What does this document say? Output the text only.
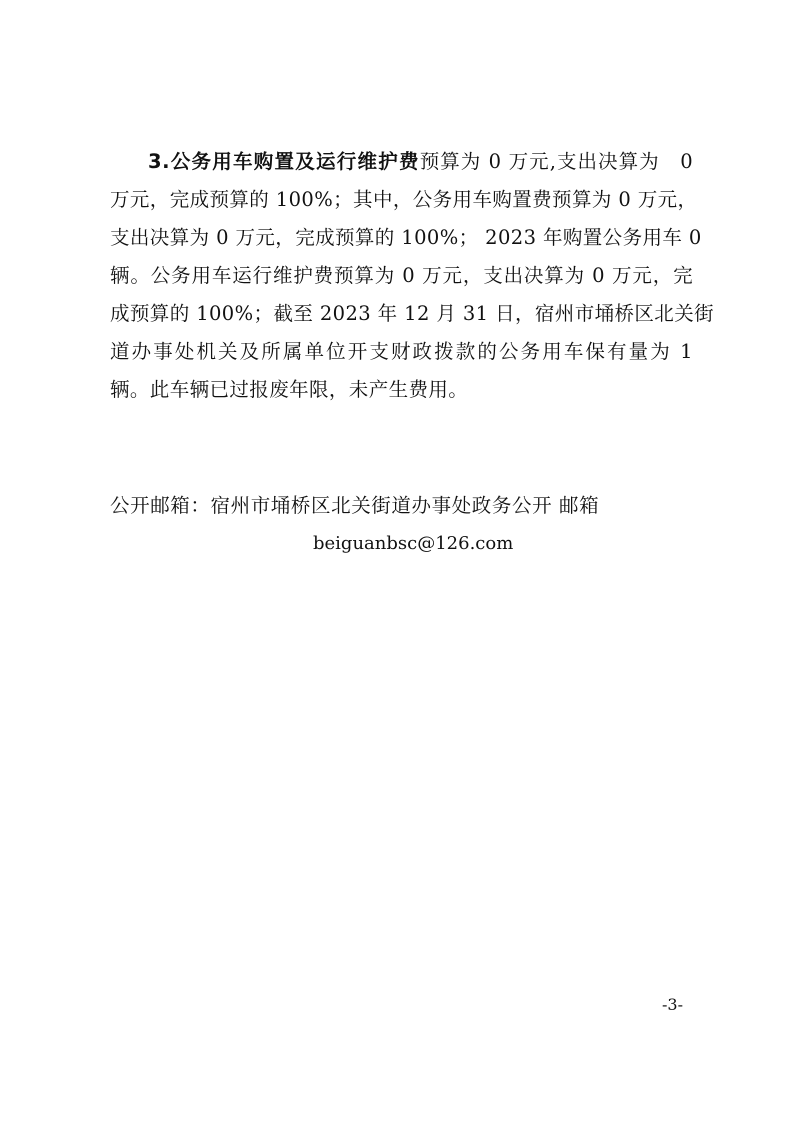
3.公务用车购置及运行维护费预算为 0 万元,支出决算为　0
万元，完成预算的 100%；其中，公务用车购置费预算为 0 万元，
支出决算为 0 万元，完成预算的 100%； 2023 年购置公务用车 0
辆。公务用车运行维护费预算为 0 万元，支出决算为 0 万元，完
成预算的 100%；截至 2023 年 12 月 31 日，宿州市埇桥区北关街
道办事处机关及所属单位开支财政拨款的公务用车保有量为 1
辆。此车辆已过报废年限，未产生费用。
公开邮箱：宿州市埇桥区北关街道办事处政务公开 邮箱
beiguanbsc@126.com
-3-
